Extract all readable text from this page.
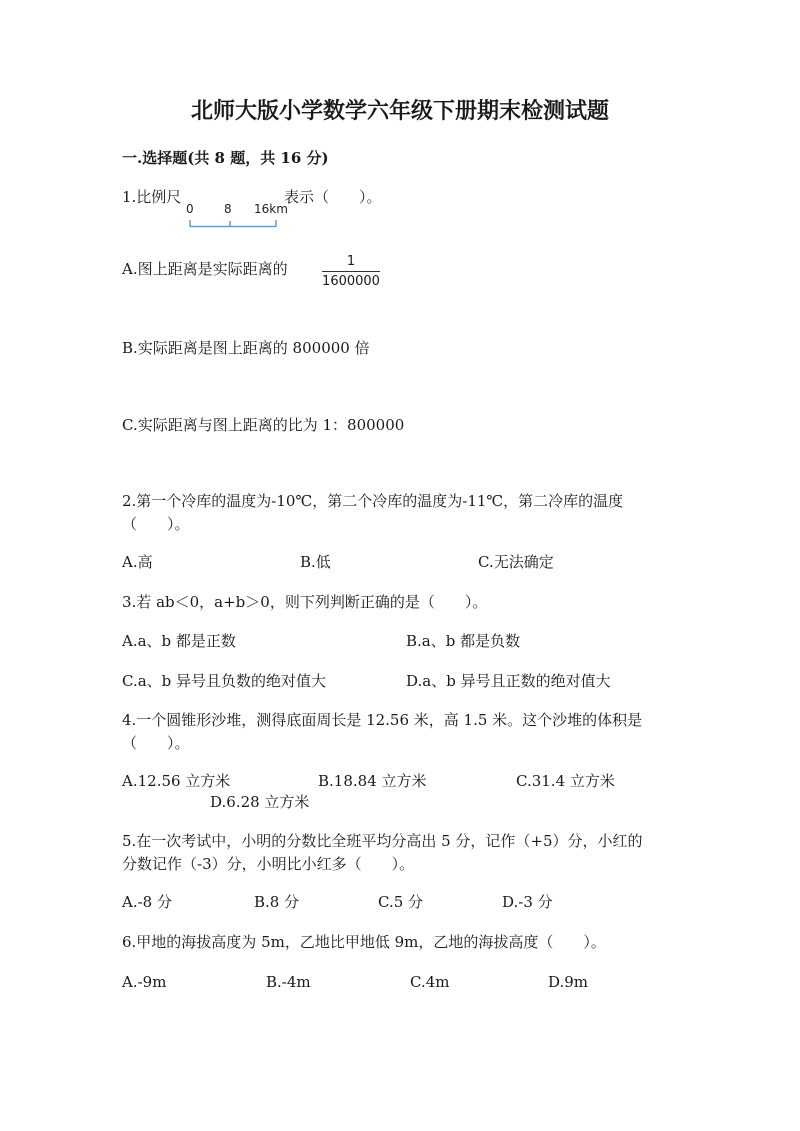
北师大版小学数学六年级下册期末检测试题
一.选择题(共 8 题，共 16 分)
1.比例尺
0	8 16km
表示（　　）。
A.图上距离是实际距离的	1
1600000
B.实际距离是图上距离的 800000 倍
C.实际距离与图上距离的比为 1：800000
2.第一个冷库的温度为-10℃，第二个冷库的温度为-11℃，第二冷库的温度
（　　）。
A.高	B.低	C.无法确定
3.若 ab＜0，a+b＞0，则下列判断正确的是（　　）。
A.a、b 都是正数	B.a、b 都是负数
C.a、b 异号且负数的绝对值大	D.a、b 异号且正数的绝对值大
4.一个圆锥形沙堆，测得底面周长是 12.56 米，高 1.5 米。这个沙堆的体积是
（　　）。
A.12.56 立方米	B.18.84 立方米	C.31.4 立方米
D.6.28 立方米
5.在一次考试中，小明的分数比全班平均分高出 5 分，记作（+5）分，小红的
分数记作（-3）分，小明比小红多（　　）。
A.-8 分	B.8 分	C.5 分	D.-3 分
6.甲地的海拔高度为 5m，乙地比甲地低 9m，乙地的海拔高度（　　）。
A.-9m	B.-4m	C.4m	D.9m
